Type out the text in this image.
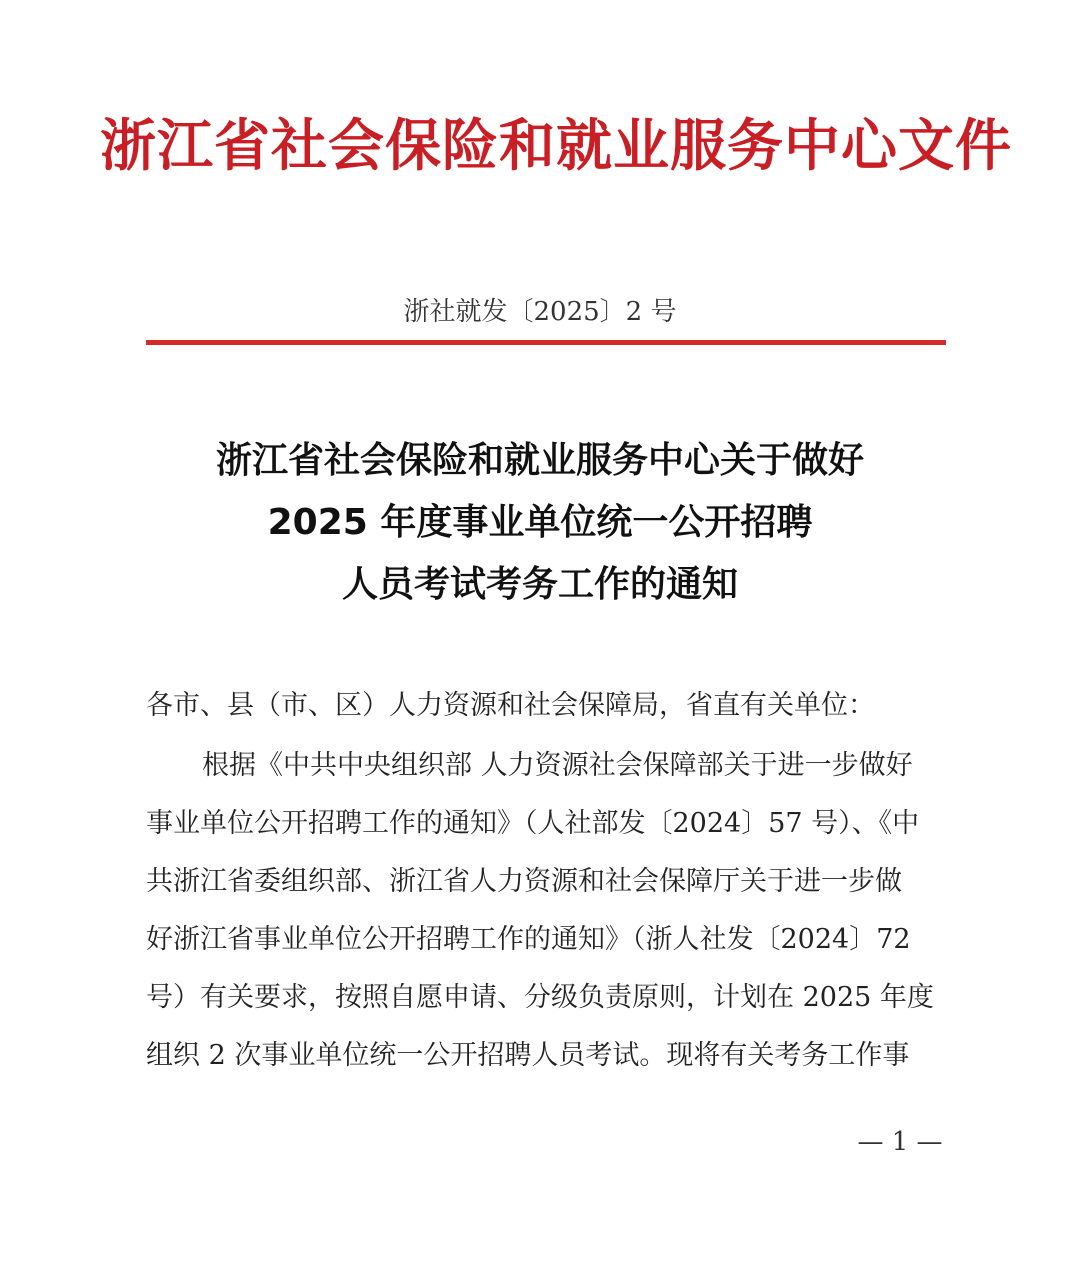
浙江省社会保险和就业服务中心文件
浙社就发〔2025〕2 号
浙江省社会保险和就业服务中心关于做好
2025 年度事业单位统一公开招聘
人员考试考务工作的通知
各市、县（市、区）人力资源和社会保障局，省直有关单位：
根据《中共中央组织部 人力资源社会保障部关于进一步做好
事业单位公开招聘工作的通知》（人社部发〔2024〕57 号）、《中
共浙江省委组织部、浙江省人力资源和社会保障厅关于进一步做
好浙江省事业单位公开招聘工作的通知》（浙人社发〔2024〕72
号）有关要求，按照自愿申请、分级负责原则，计划在 2025 年度
组织 2 次事业单位统一公开招聘人员考试。现将有关考务工作事
— 1 —
